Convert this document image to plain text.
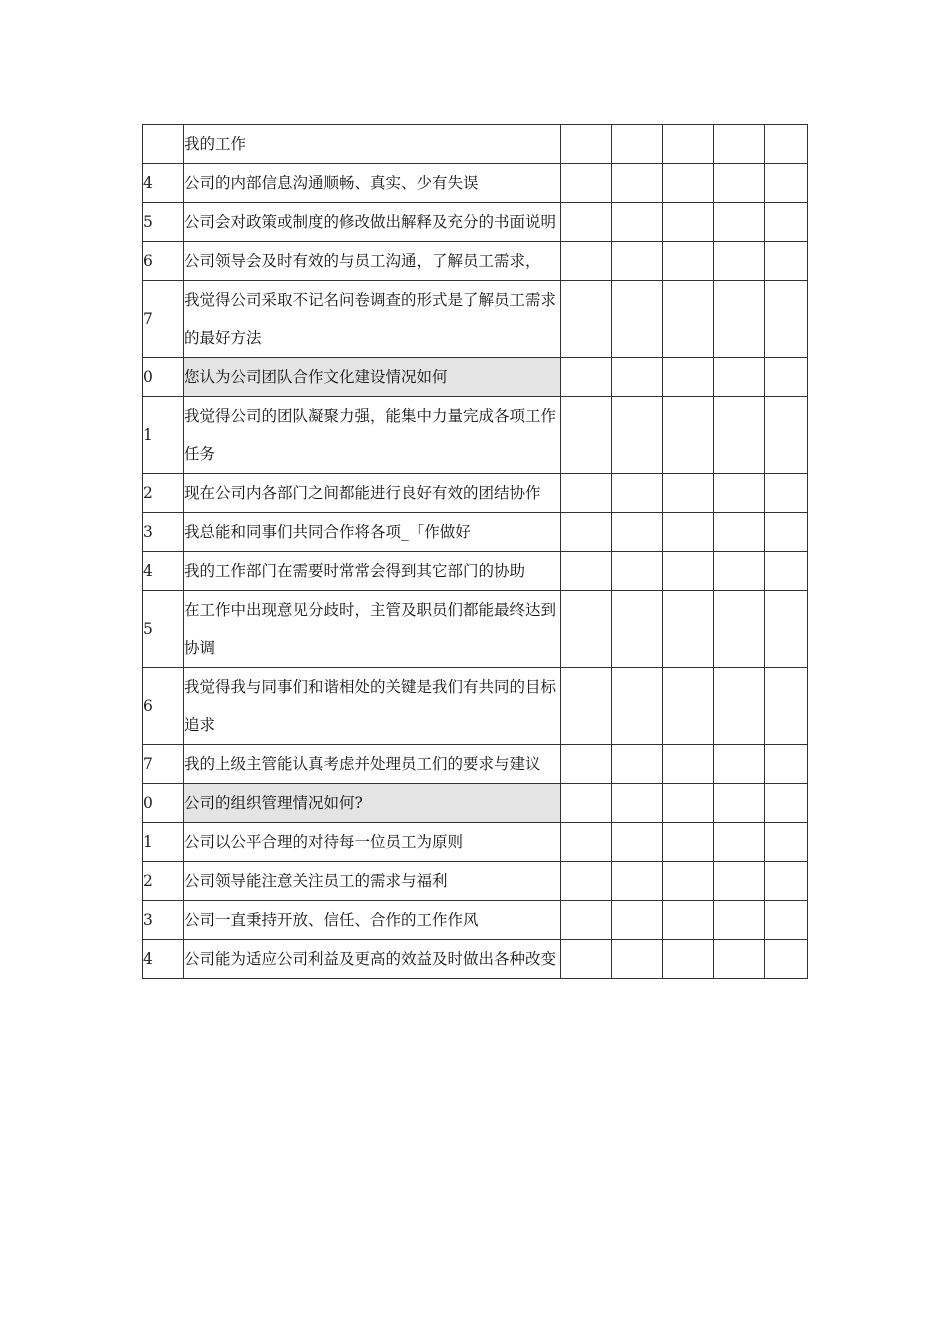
	我的工作					
4	公司的内部信息沟通顺畅、真实、少有失误					
5	公司会对政策或制度的修改做出解释及充分的书面说明					
6	公司领导会及时有效的与员工沟通，了解员工需求，					
7	我觉得公司采取不记名问卷调查的形式是了解员工需求的最好方法					
0	您认为公司团队合作文化建设情况如何					
1	我觉得公司的团队凝聚力强，能集中力量完成各项工作任务					
2	现在公司内各部门之间都能进行良好有效的团结协作					
3	我总能和同事们共同合作将各项_「作做好					
4	我的工作部门在需要时常常会得到其它部门的协助					
5	在工作中出现意见分歧时，主管及职员们都能最终达到协调					
6	我觉得我与同事们和谐相处的关键是我们有共同的目标追求					
7	我的上级主管能认真考虑并处理员工们的要求与建议					
0	公司的组织管理情况如何?					
1	公司以公平合理的对待每一位员工为原则					
2	公司领导能注意关注员工的需求与福利					
3	公司一直秉持开放、信任、合作的工作作风					
4	公司能为适应公司利益及更高的效益及时做出各种改变					
